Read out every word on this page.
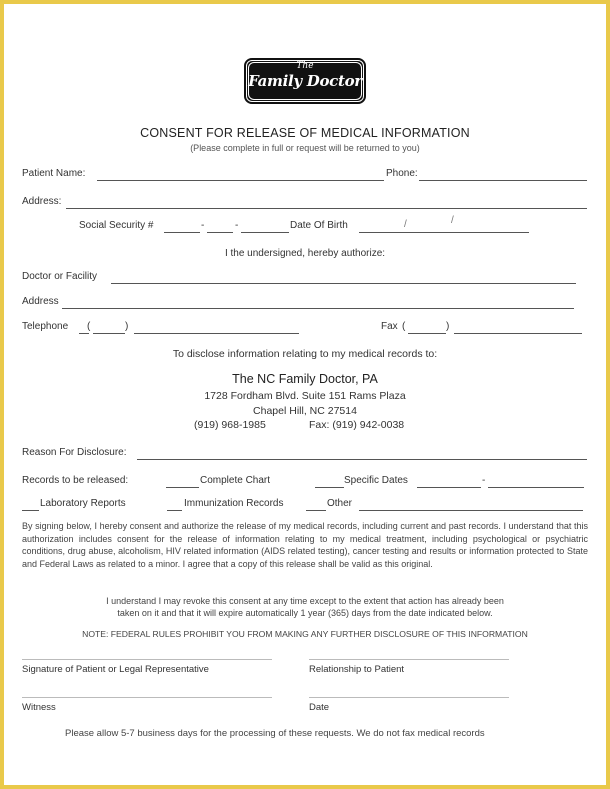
The
Family Doctor
CONSENT FOR RELEASE OF MEDICAL INFORMATION
(Please complete in full or request will be returned to you)
Patient Name:	Phone:
Address:
Social Security #	-	-	Date Of Birth	/	/
I the undersigned, hereby authorize:
Doctor or Facility
Address
Telephone (	)	Fax (	)
To disclose information relating to my medical records to:
The NC Family Doctor, PA
1728 Fordham Blvd. Suite 151 Rams Plaza
Chapel Hill, NC 27514
(919) 968-1985	Fax: (919) 942-0038
Reason For Disclosure:
Records to be released:	Complete Chart	Specific Dates	-
Laboratory Reports	Immunization Records	Other
By signing below, I hereby consent and authorize the release of my medical records, including current and past records. I understand that this authorization includes consent for the release of information relating to my medical treatment, including psychological or psychiatric conditions, drug abuse, alcoholism, HIV related information (AIDS related testing), cancer testing and results or information protected to State and Federal Laws as related to a minor. I agree that a copy of this release shall be valid as this original.
I understand I may revoke this consent at any time except to the extent that action has already been
taken on it and that it will expire automatically 1 year (365) days from the date indicated below.
NOTE: FEDERAL RULES PROHIBIT YOU FROM MAKING ANY FURTHER DISCLOSURE OF THIS INFORMATION
Signature of Patient or Legal Representative	Relationship to Patient
Witness	Date
Please allow 5-7 business days for the processing of these requests. We do not fax medical records
